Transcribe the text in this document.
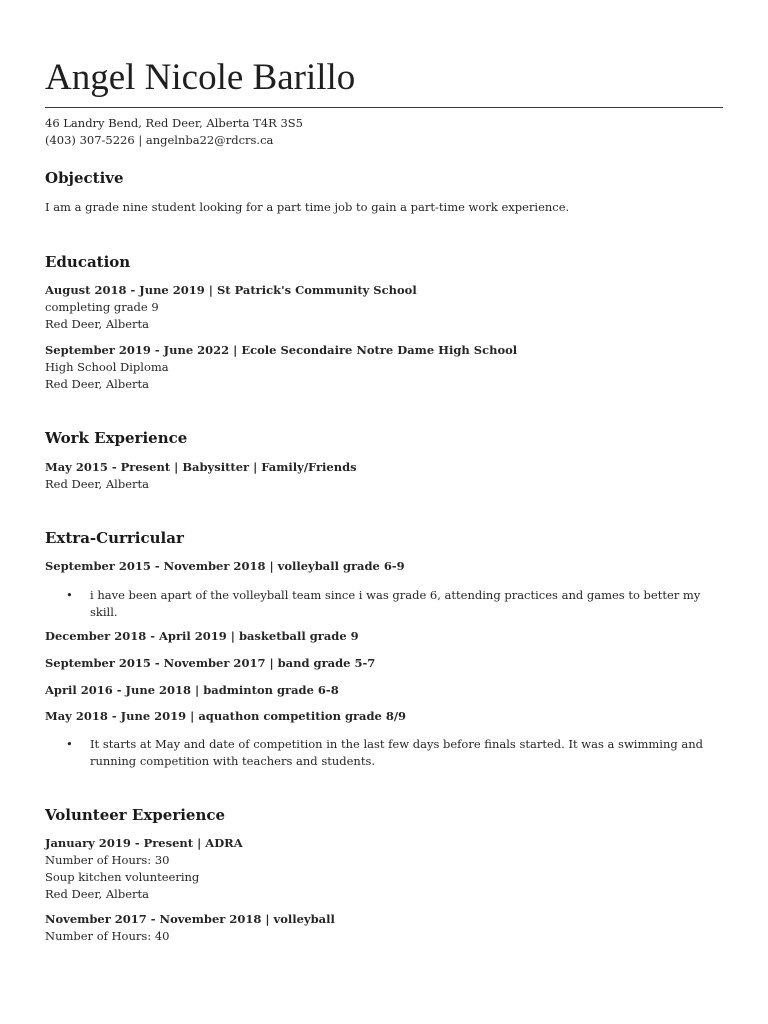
Angel Nicole Barillo
46 Landry Bend, Red Deer, Alberta T4R 3S5
(403) 307-5226 | angelnba22@rdcrs.ca
Objective
I am a grade nine student looking for a part time job to gain a part-time work experience.
Education
August 2018 - June 2019 | St Patrick's Community School
completing grade 9
Red Deer, Alberta
September 2019 - June 2022 | Ecole Secondaire Notre Dame High School
High School Diploma
Red Deer, Alberta
Work Experience
May 2015 - Present | Babysitter | Family/Friends
Red Deer, Alberta
Extra-Curricular
September 2015 - November 2018 | volleyball grade 6-9
• i have been apart of the volleyball team since i was grade 6, attending practices and games to better my skill.
December 2018 - April 2019 | basketball grade 9
September 2015 - November 2017 | band grade 5-7
April 2016 - June 2018 | badminton grade 6-8
May 2018 - June 2019 | aquathon competition grade 8/9
• It starts at May and date of competition in the last few days before finals started. It was a swimming and running competition with teachers and students.
Volunteer Experience
January 2019 - Present | ADRA
Number of Hours: 30
Soup kitchen volunteering
Red Deer, Alberta
November 2017 - November 2018 | volleyball
Number of Hours: 40
